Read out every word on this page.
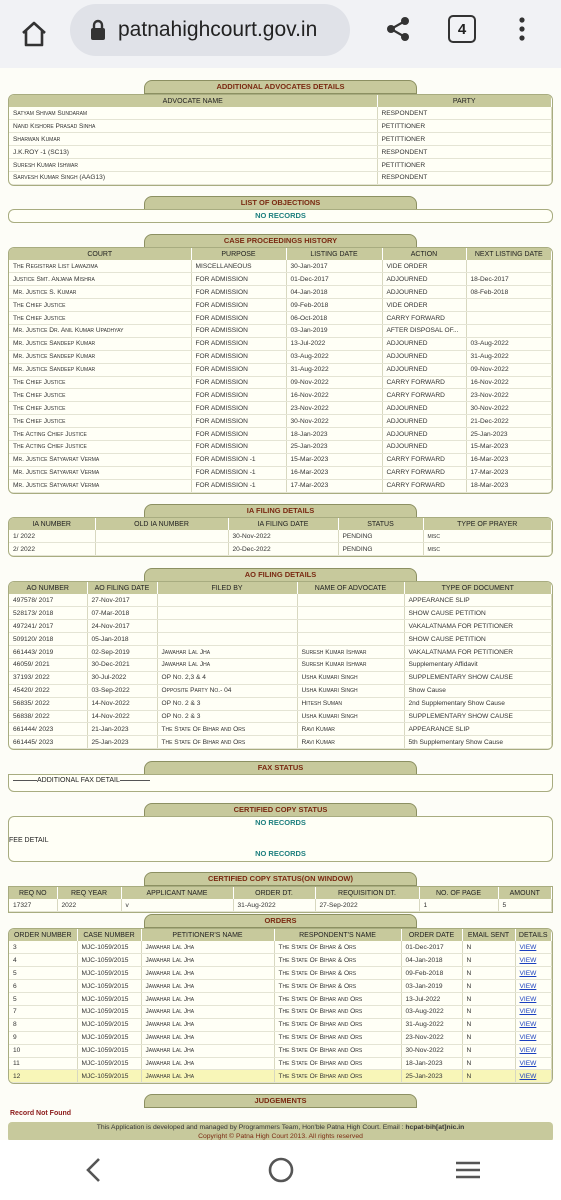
patnahighcourt.gov.in	4
ADDITIONAL ADVOCATES DETAILS
ADVOCATE NAME	PARTY
Satyam Shivam Sundaram	RESPONDENT
Nand Kishore Prasad Sinha	PETITTIONER
Sharwan Kumar	PETITTIONER
J.K.ROY -1 (SC13)	RESPONDENT
Suresh Kumar Ishwar	PETITTIONER
Sarvesh Kumar Singh (AAG13)	RESPONDENT
LIST OF OBJECTIONS
NO RECORDS
CASE PROCEEDINGS HISTORY
COURT	PURPOSE	LISTING DATE	ACTION	NEXT LISTING DATE
The Registrar List Lawazima	MISCELLANEOUS	30-Jan-2017	VIDE ORDER	
Justice Smt. Anjana Mishra	FOR ADMISSION	01-Dec-2017	ADJOURNED	18-Dec-2017
Mr. Justice S. Kumar	FOR ADMISSION	04-Jan-2018	ADJOURNED	08-Feb-2018
The Chief Justice	FOR ADMISSION	09-Feb-2018	VIDE ORDER	
The Chief Justice	FOR ADMISSION	06-Oct-2018	CARRY FORWARD	
Mr. Justice Dr. Anil Kumar Upadhyay	FOR ADMISSION	03-Jan-2019	AFTER DISPOSAL OF...	
Mr. Justice Sandeep Kumar	FOR ADMISSION	13-Jul-2022	ADJOURNED	03-Aug-2022
Mr. Justice Sandeep Kumar	FOR ADMISSION	03-Aug-2022	ADJOURNED	31-Aug-2022
Mr. Justice Sandeep Kumar	FOR ADMISSION	31-Aug-2022	ADJOURNED	09-Nov-2022
The Chief Justice	FOR ADMISSION	09-Nov-2022	CARRY FORWARD	16-Nov-2022
The Chief Justice	FOR ADMISSION	16-Nov-2022	CARRY FORWARD	23-Nov-2022
The Chief Justice	FOR ADMISSION	23-Nov-2022	ADJOURNED	30-Nov-2022
The Chief Justice	FOR ADMISSION	30-Nov-2022	ADJOURNED	21-Dec-2022
The Acting Chief Justice	FOR ADMISSION	18-Jan-2023	ADJOURNED	25-Jan-2023
The Acting Chief Justice	FOR ADMISSION	25-Jan-2023	ADJOURNED	15-Mar-2023
Mr. Justice Satyavrat Verma	FOR ADMISSION -1	15-Mar-2023	CARRY FORWARD	16-Mar-2023
Mr. Justice Satyavrat Verma	FOR ADMISSION -1	16-Mar-2023	CARRY FORWARD	17-Mar-2023
Mr. Justice Satyavrat Verma	FOR ADMISSION -1	17-Mar-2023	CARRY FORWARD	18-Mar-2023
IA FILING DETAILS
IA NUMBER	OLD IA NUMBER	IA FILING DATE	STATUS	TYPE OF PRAYER
1/ 2022		30-Nov-2022	PENDING	misc
2/ 2022		20-Dec-2022	PENDING	misc
AO FILING DETAILS
AO NUMBER	AO FILING DATE	FILED BY	NAME OF ADVOCATE	TYPE OF DOCUMENT
497578/ 2017	27-Nov-2017			APPEARANCE SLIP
528173/ 2018	07-Mar-2018			SHOW CAUSE PETITION
497241/ 2017	24-Nov-2017			VAKALATNAMA FOR PETITIONER
509120/ 2018	05-Jan-2018			SHOW CAUSE PETITION
661443/ 2019	02-Sep-2019	Jawahar Lal Jha	Suresh Kumar Ishwar	VAKALATNAMA FOR PETITIONER
46059/ 2021	30-Dec-2021	Jawahar Lal Jha	Suresh Kumar Ishwar	Supplementary Affidavit
37193/ 2022	30-Jul-2022	OP No. 2,3 & 4	Usha Kumari Singh	SUPPLEMENTARY SHOW CAUSE
45420/ 2022	03-Sep-2022	Opposite Party No.- 04	Usha Kumari Singh	Show Cause
56835/ 2022	14-Nov-2022	OP No. 2 & 3	Hitesh Suman	2nd Supplementary Show Cause
56838/ 2022	14-Nov-2022	OP No. 2 & 3	Usha Kumari Singh	SUPPLEMENTARY SHOW CAUSE
661444/ 2023	21-Jan-2023	The State Of Bihar and Ors	Ravi Kumar	APPEARANCE SLIP
661445/ 2023	25-Jan-2023	The State Of Bihar and Ors	Ravi Kumar	5th Supplementary Show Cause
FAX STATUS
ADDITIONAL FAX DETAIL
CERTIFIED COPY STATUS
NO RECORDS
FEE DETAIL
NO RECORDS
CERTIFIED COPY STATUS(ON WINDOW)
REQ NO	REQ YEAR	APPLICANT NAME	ORDER DT.	REQUISITION DT.	NO. OF PAGE	AMOUNT
17327	2022	v	31-Aug-2022	27-Sep-2022	1	5
ORDERS
ORDER NUMBER	CASE NUMBER	PETITIONER'S NAME	RESPONDENT'S NAME	ORDER DATE	EMAIL SENT	DETAILS
3	MJC-1059/2015	Jawahar Lal Jha	The State Of Bihar & Ors	01-Dec-2017	N	VIEW
4	MJC-1059/2015	Jawahar Lal Jha	The State Of Bihar & Ors	04-Jan-2018	N	VIEW
5	MJC-1059/2015	Jawahar Lal Jha	The State Of Bihar & Ors	09-Feb-2018	N	VIEW
6	MJC-1059/2015	Jawahar Lal Jha	The State Of Bihar & Ors	03-Jan-2019	N	VIEW
5	MJC-1059/2015	Jawahar Lal Jha	The State Of Bihar and Ors	13-Jul-2022	N	VIEW
7	MJC-1059/2015	Jawahar Lal Jha	The State Of Bihar and Ors	03-Aug-2022	N	VIEW
8	MJC-1059/2015	Jawahar Lal Jha	The State Of Bihar and Ors	31-Aug-2022	N	VIEW
9	MJC-1059/2015	Jawahar Lal Jha	The State Of Bihar and Ors	23-Nov-2022	N	VIEW
10	MJC-1059/2015	Jawahar Lal Jha	The State Of Bihar and Ors	30-Nov-2022	N	VIEW
11	MJC-1059/2015	Jawahar Lal Jha	The State Of Bihar and Ors	18-Jan-2023	N	VIEW
12	MJC-1059/2015	Jawahar Lal Jha	The State Of Bihar and Ors	25-Jan-2023	N	VIEW
JUDGEMENTS
Record Not Found
This Application is developed and managed by Programmers Team, Hon'ble Patna High Court. Email : hcpat-bih[at]nic.in
Copyright © Patna High Court 2013. All rights reserved
